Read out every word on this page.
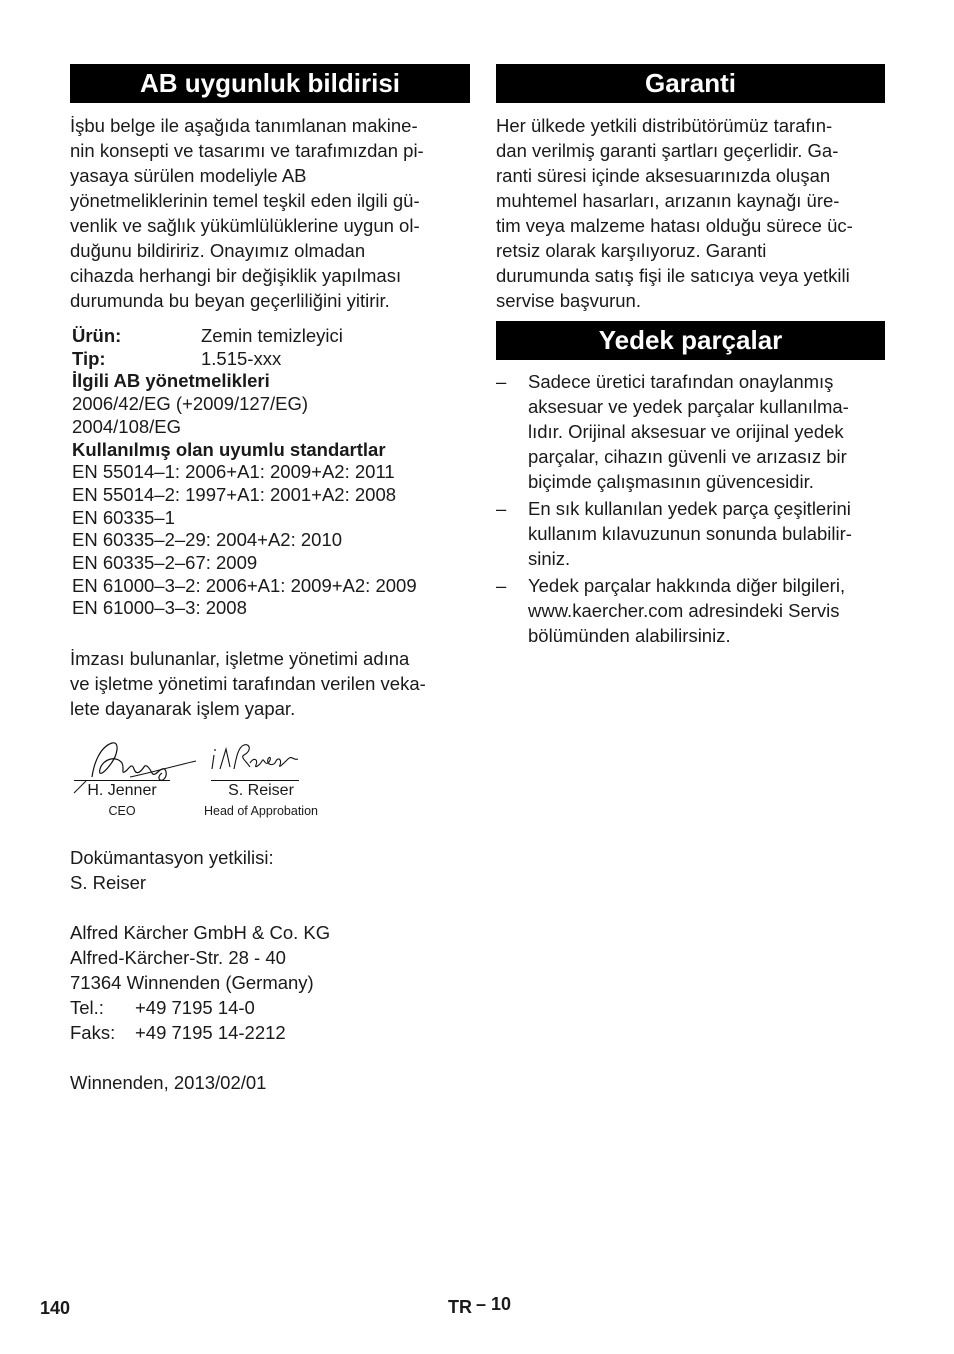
AB uygunluk bildirisi
İşbu belge ile aşağıda tanımlanan makine-
nin konsepti ve tasarımı ve tarafımızdan pi-
yasaya sürülen modeliyle AB
yönetmeliklerinin temel teşkil eden ilgili gü-
venlik ve sağlık yükümlülüklerine uygun ol-
duğunu bildiririz. Onayımız olmadan
cihazda herhangi bir değişiklik yapılması
durumunda bu beyan geçerliliğini yitirir.
Ürün:	Zemin temizleyici
Tip:	1.515-xxx
İlgili AB yönetmelikleri
2006/42/EG (+2009/127/EG)
2004/108/EG
Kullanılmış olan uyumlu standartlar
EN 55014–1: 2006+A1: 2009+A2: 2011
EN 55014–2: 1997+A1: 2001+A2: 2008
EN 60335–1
EN 60335–2–29: 2004+A2: 2010
EN 60335–2–67: 2009
EN 61000–3–2: 2006+A1: 2009+A2: 2009
EN 61000–3–3: 2008
İmzası bulunanlar, işletme yönetimi adına
ve işletme yönetimi tarafından verilen veka-
lete dayanarak işlem yapar.
H. Jenner
CEO
S. Reiser
Head of Approbation
Dokümantasyon yetkilisi:
S. Reiser
Alfred Kärcher GmbH & Co. KG
Alfred-Kärcher-Str. 28 - 40
71364 Winnenden (Germany)
Tel.:	+49 7195 14-0
Faks:	+49 7195 14-2212
Winnenden, 2013/02/01
Garanti
Her ülkede yetkili distribütörümüz tarafın-
dan verilmiş garanti şartları geçerlidir. Ga-
ranti süresi içinde aksesuarınızda oluşan
muhtemel hasarları, arızanın kaynağı üre-
tim veya malzeme hatası olduğu sürece üc-
retsiz olarak karşılıyoruz. Garanti
durumunda satış fişi ile satıcıya veya yetkili
servise başvurun.
Yedek parçalar
– Sadece üretici tarafından onaylanmış
aksesuar ve yedek parçalar kullanılma-
lıdır. Orijinal aksesuar ve orijinal yedek
parçalar, cihazın güvenli ve arızasız bir
biçimde çalışmasının güvencesidir.
– En sık kullanılan yedek parça çeşitlerini
kullanım kılavuzunun sonunda bulabilir-
siniz.
– Yedek parçalar hakkında diğer bilgileri,
www.kaercher.com adresindeki Servis
bölümünden alabilirsiniz.
140	TR – 10
